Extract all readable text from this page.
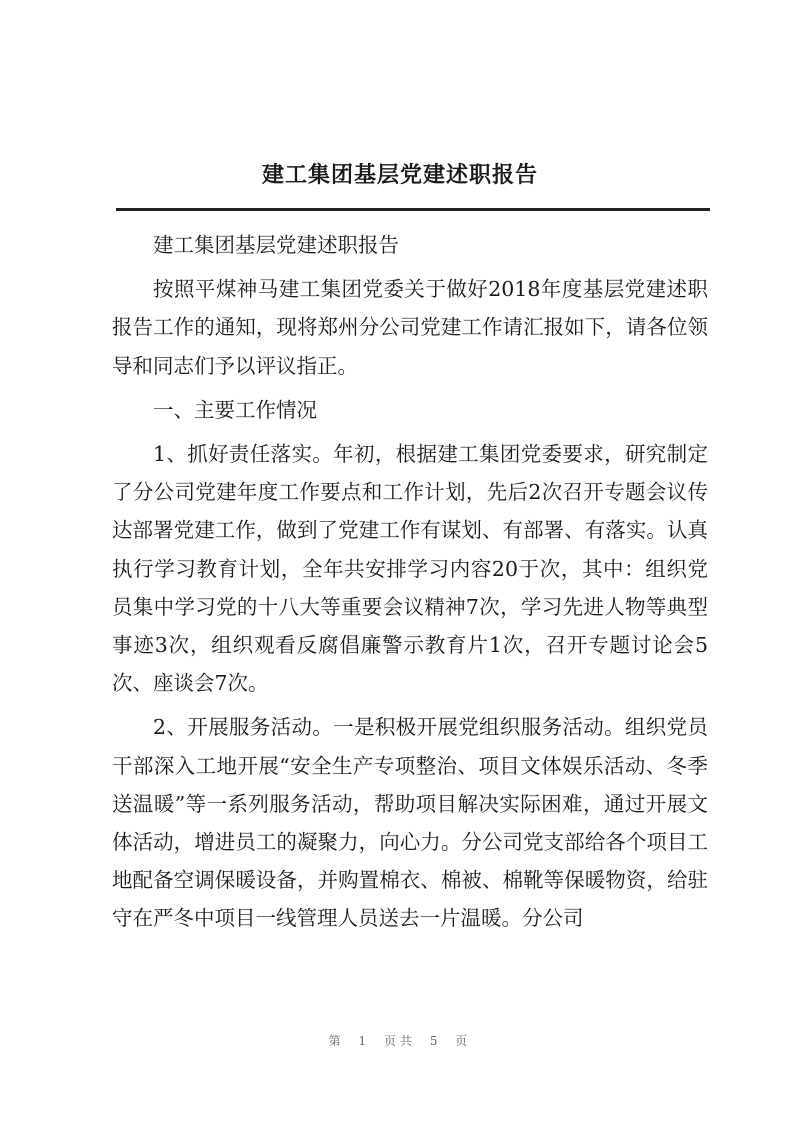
建工集团基层党建述职报告

建工集团基层党建述职报告

按照平煤神马建工集团党委关于做好2018年度基层党建述职报告工作的通知，现将郑州分公司党建工作请汇报如下，请各位领导和同志们予以评议指正。

一、主要工作情况

1、抓好责任落实。年初，根据建工集团党委要求，研究制定了分公司党建年度工作要点和工作计划，先后2次召开专题会议传达部署党建工作，做到了党建工作有谋划、有部署、有落实。认真执行学习教育计划，全年共安排学习内容20于次，其中：组织党员集中学习党的十八大等重要会议精神7次，学习先进人物等典型事迹3次，组织观看反腐倡廉警示教育片1次，召开专题讨论会5次、座谈会7次。

2、开展服务活动。一是积极开展党组织服务活动。组织党员干部深入工地开展“安全生产专项整治、项目文体娱乐活动、冬季送温暖”等一系列服务活动，帮助项目解决实际困难，通过开展文体活动，增进员工的凝聚力，向心力。分公司党支部给各个项目工地配备空调保暖设备，并购置棉衣、棉被、棉靴等保暖物资，给驻守在严冬中项目一线管理人员送去一片温暖。分公司

第 1 页共 5 页
